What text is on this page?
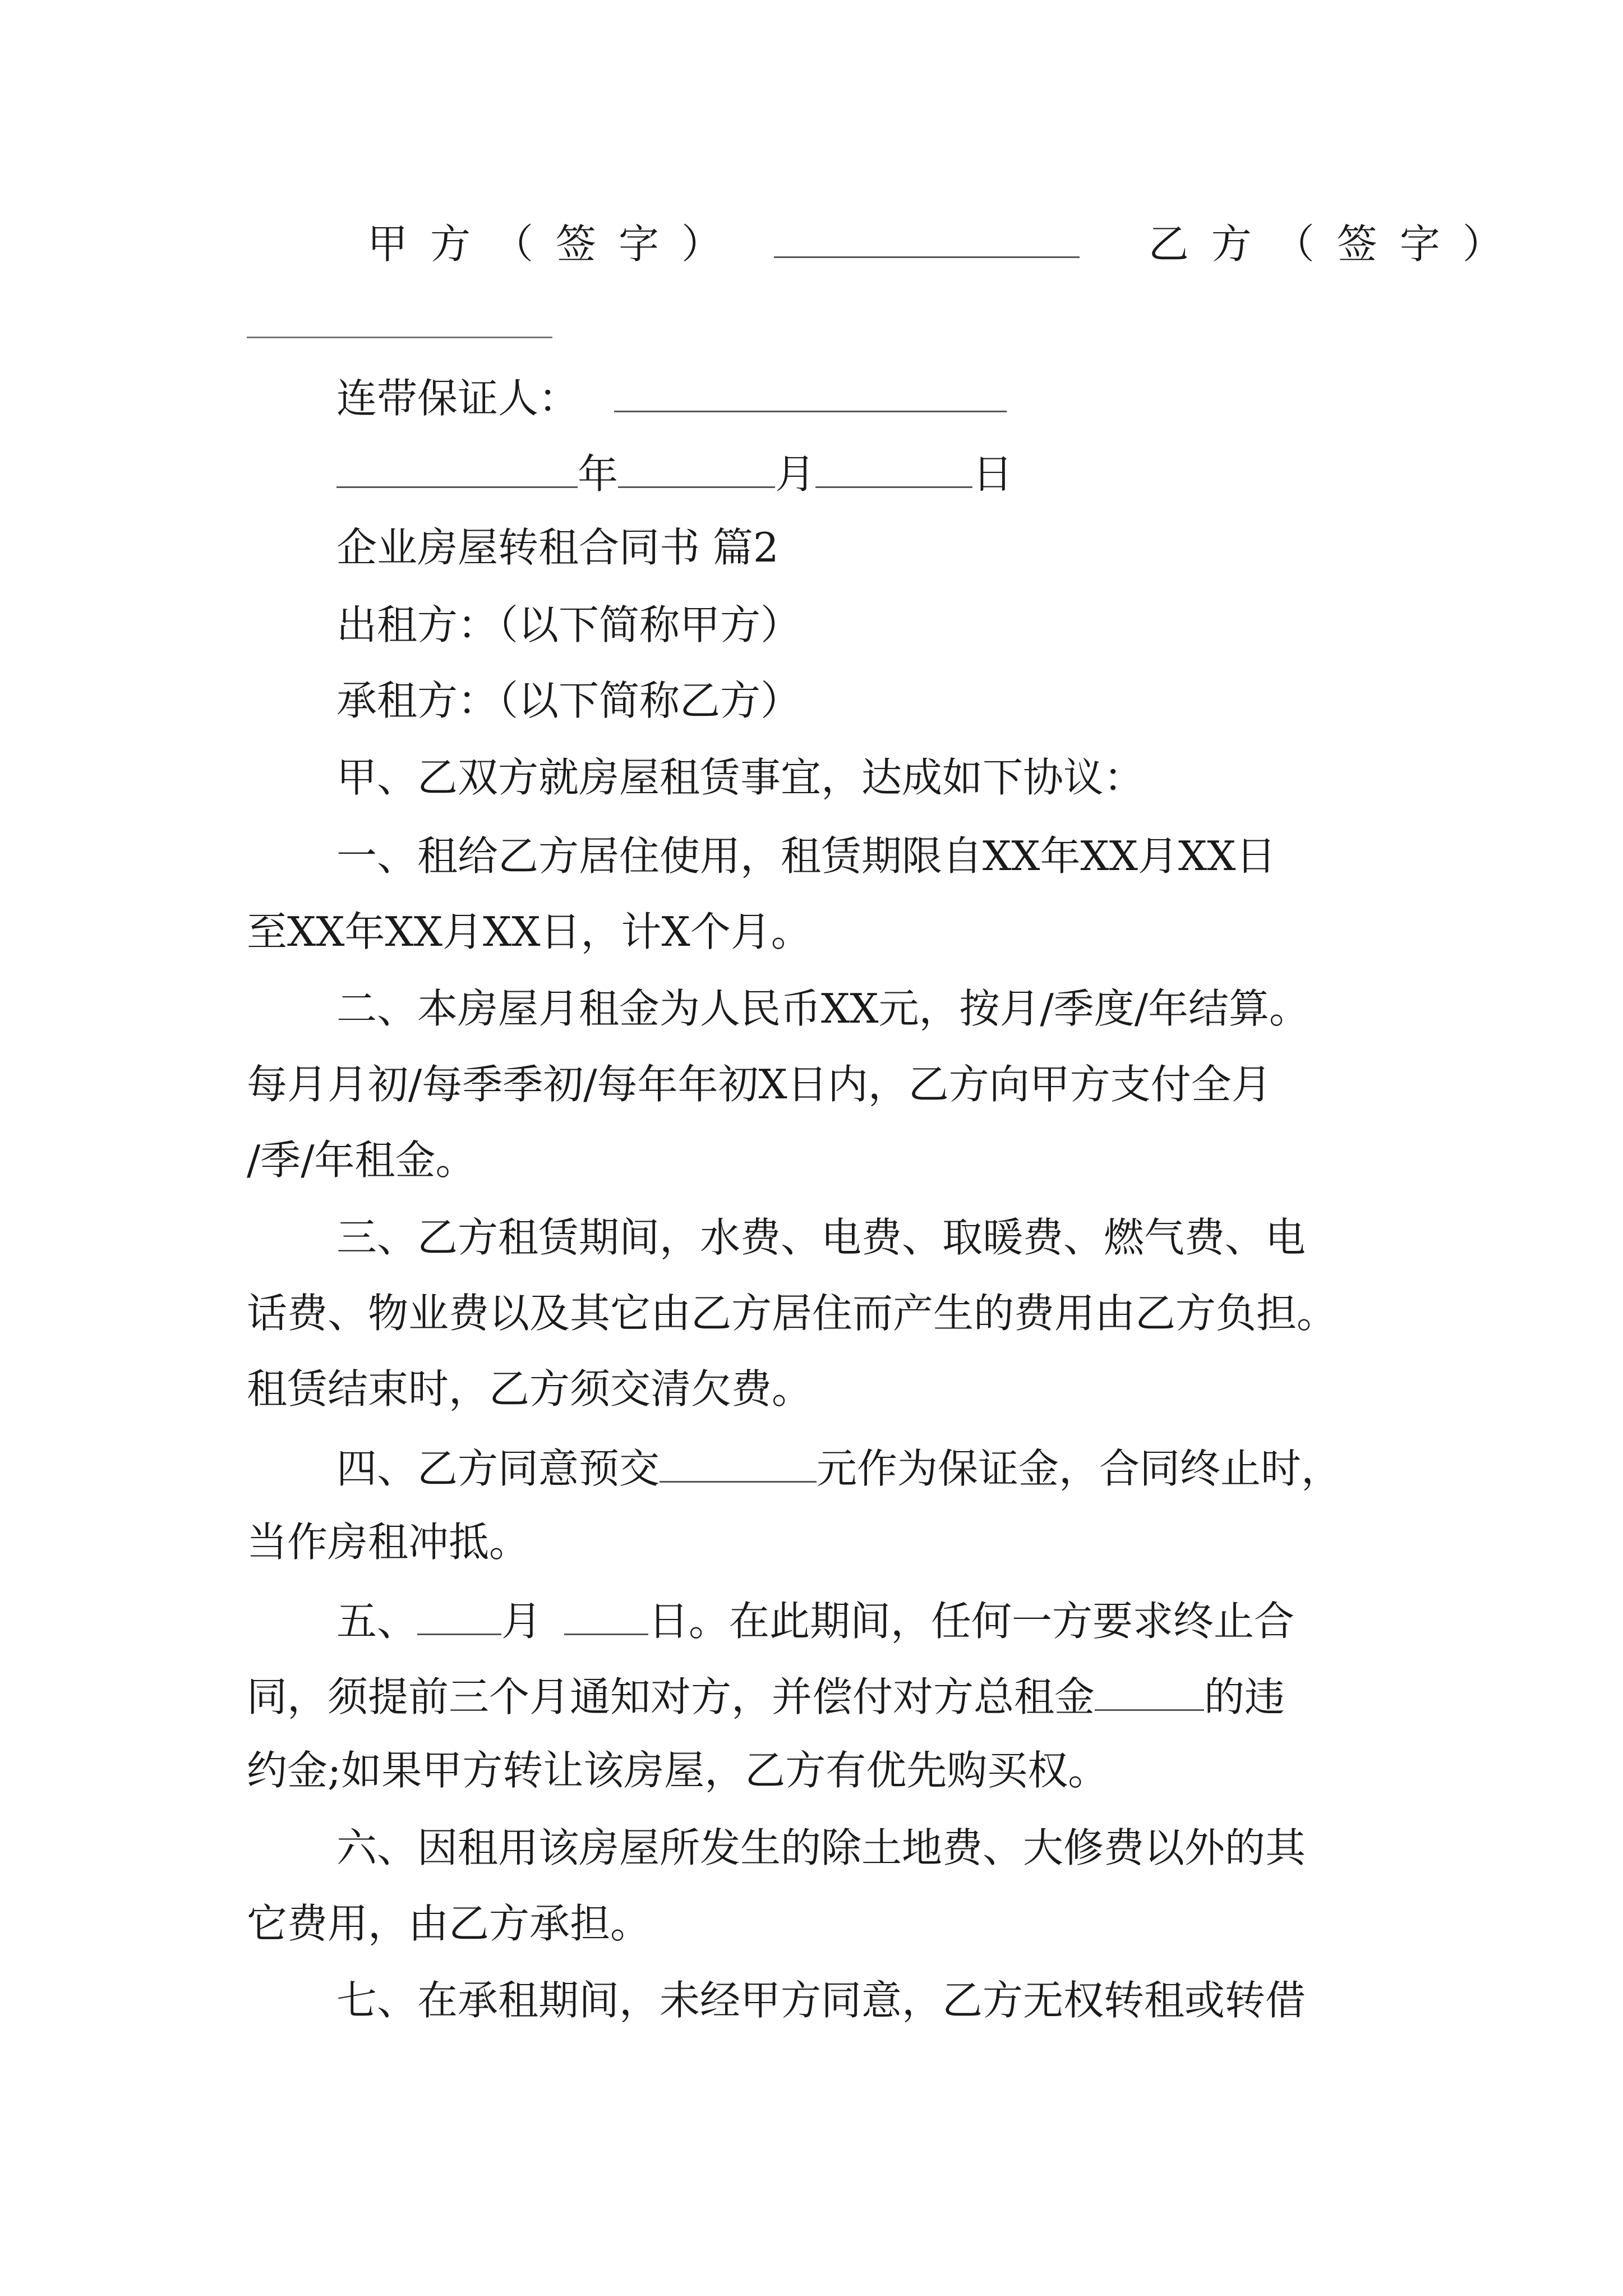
甲方（签字）	乙方（签字）
连带保证人：
年	月	日
企业房屋转租合同书 篇2
出租方：（以下简称甲方）
承租方：（以下简称乙方）
甲、乙双方就房屋租赁事宜，达成如下协议：
一、租给乙方居住使用，租赁期限自XX年XX月XX日
至XX年XX月XX日，计X个月。
二、本房屋月租金为人民币XX元，按月/季度/年结算。
每月月初/每季季初/每年年初X日内，乙方向甲方支付全月
/季/年租金。
三、乙方租赁期间，水费、电费、取暖费、燃气费、电
话费、物业费以及其它由乙方居住而产生的费用由乙方负担。
租赁结束时，乙方须交清欠费。
四、乙方同意预交	元作为保证金，合同终止时，
当作房租冲抵。
五、 月	日。在此期间，任何一方要求终止合
同，须提前三个月通知对方，并偿付对方总租金	的违
约金;如果甲方转让该房屋，乙方有优先购买权。
六、因租用该房屋所发生的除土地费、大修费以外的其
它费用，由乙方承担。
七、在承租期间，未经甲方同意，乙方无权转租或转借
